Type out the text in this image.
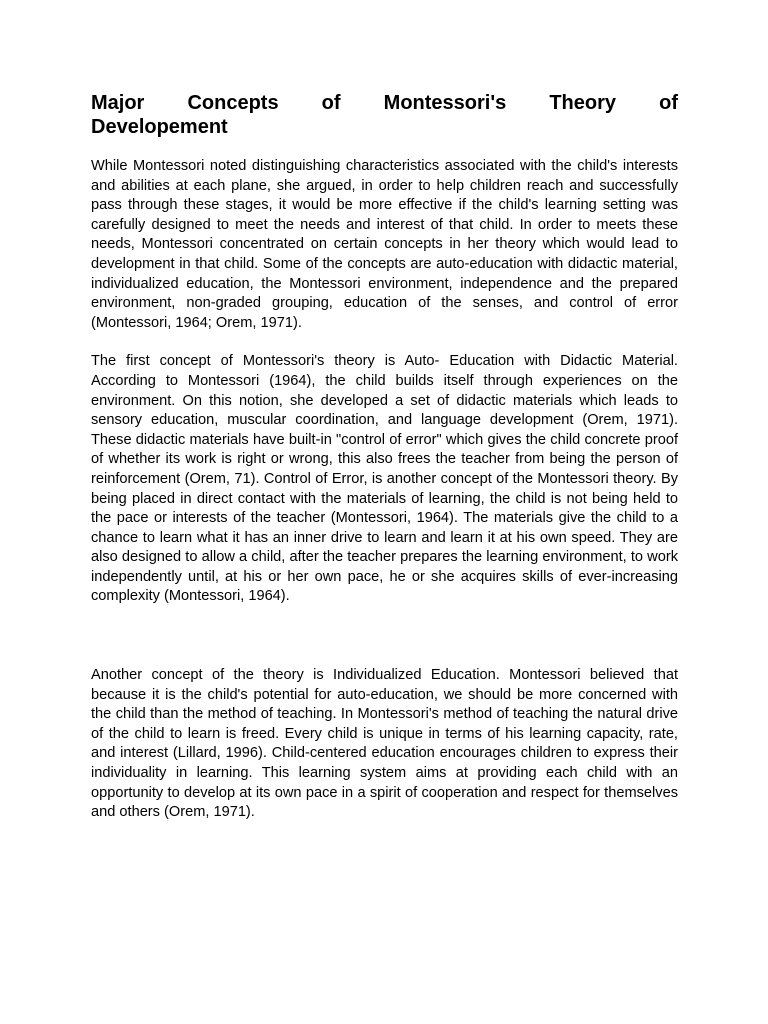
Major Concepts of Montessori's Theory of
Developement

While Montessori noted distinguishing characteristics associated with the child's interests and abilities at each plane, she argued, in order to help children reach and successfully pass through these stages, it would be more effective if the child's learning setting was carefully designed to meet the needs and interest of that child. In order to meets these needs, Montessori concentrated on certain concepts in her theory which would lead to development in that child. Some of the concepts are auto-education with didactic material, individualized education, the Montessori environment, independence and the prepared environment, non-graded grouping, education of the senses, and control of error (Montessori, 1964; Orem, 1971).

The first concept of Montessori's theory is Auto- Education with Didactic Material. According to Montessori (1964), the child builds itself through experiences on the environment. On this notion, she developed a set of didactic materials which leads to sensory education, muscular coordination, and language development (Orem, 1971). These didactic materials have built-in "control of error" which gives the child concrete proof of whether its work is right or wrong, this also frees the teacher from being the person of reinforcement (Orem, 71). Control of Error, is another concept of the Montessori theory. By being placed in direct contact with the materials of learning, the child is not being held to the pace or interests of the teacher (Montessori, 1964). The materials give the child to a chance to learn what it has an inner drive to learn and learn it at his own speed. They are also designed to allow a child, after the teacher prepares the learning environment, to work independently until, at his or her own pace, he or she acquires skills of ever-increasing complexity (Montessori, 1964).

Another concept of the theory is Individualized Education. Montessori believed that because it is the child's potential for auto-education, we should be more concerned with the child than the method of teaching. In Montessori's method of teaching the natural drive of the child to learn is freed. Every child is unique in terms of his learning capacity, rate, and interest (Lillard, 1996). Child-centered education encourages children to express their individuality in learning. This learning system aims at providing each child with an opportunity to develop at its own pace in a spirit of cooperation and respect for themselves and others (Orem, 1971).
